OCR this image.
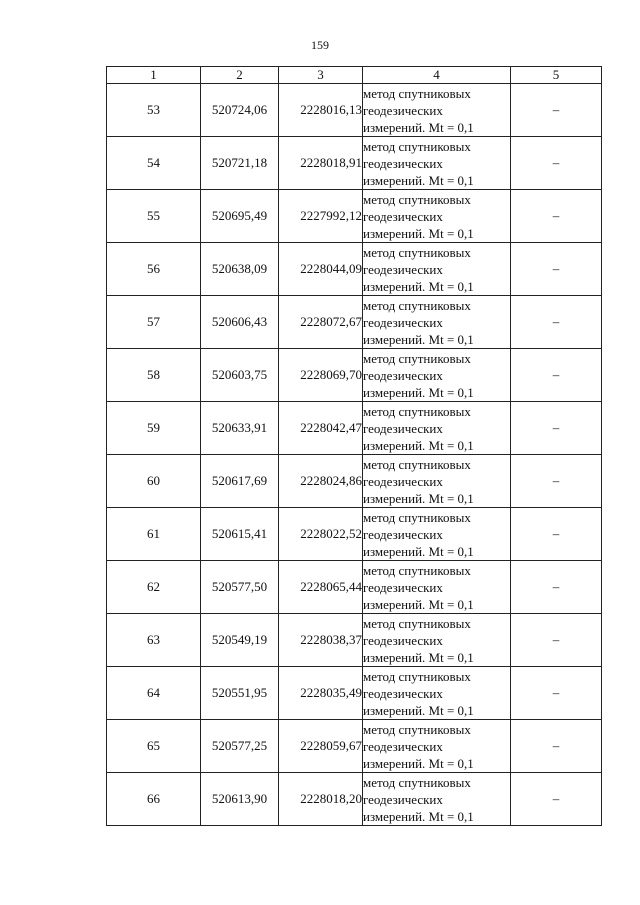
159
1	2	3	4	5
53	520724,06	2228016,13	метод спутниковых
геодезических
измерений. Mt = 0,1	–
54	520721,18	2228018,91	метод спутниковых
геодезических
измерений. Mt = 0,1	–
55	520695,49	2227992,12	метод спутниковых
геодезических
измерений. Mt = 0,1	–
56	520638,09	2228044,09	метод спутниковых
геодезических
измерений. Mt = 0,1	–
57	520606,43	2228072,67	метод спутниковых
геодезических
измерений. Mt = 0,1	–
58	520603,75	2228069,70	метод спутниковых
геодезических
измерений. Mt = 0,1	–
59	520633,91	2228042,47	метод спутниковых
геодезических
измерений. Mt = 0,1	–
60	520617,69	2228024,86	метод спутниковых
геодезических
измерений. Mt = 0,1	–
61	520615,41	2228022,52	метод спутниковых
геодезических
измерений. Mt = 0,1	–
62	520577,50	2228065,44	метод спутниковых
геодезических
измерений. Mt = 0,1	–
63	520549,19	2228038,37	метод спутниковых
геодезических
измерений. Mt = 0,1	–
64	520551,95	2228035,49	метод спутниковых
геодезических
измерений. Mt = 0,1	–
65	520577,25	2228059,67	метод спутниковых
геодезических
измерений. Mt = 0,1	–
66	520613,90	2228018,20	метод спутниковых
геодезических
измерений. Mt = 0,1	–
